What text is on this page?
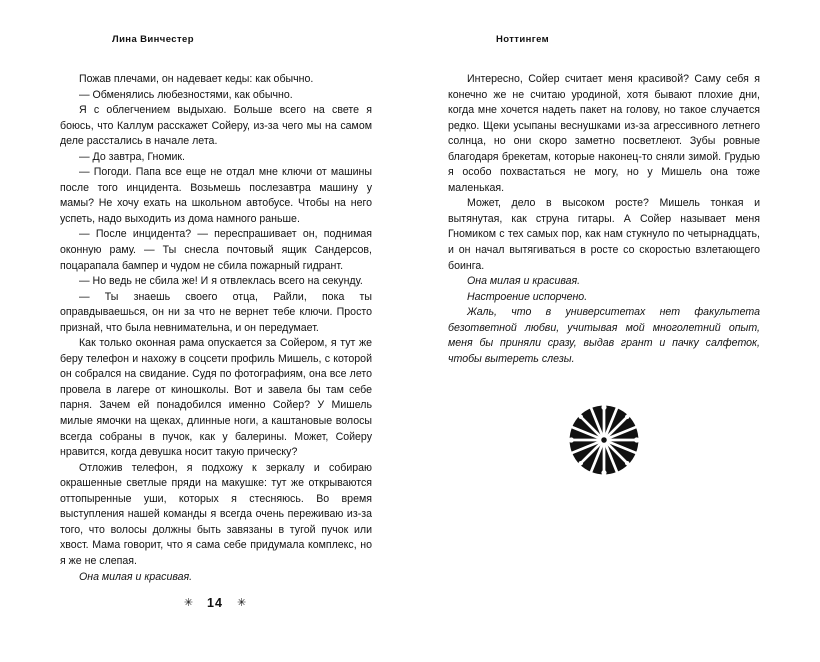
Лина Винчестер

Пожав плечами, он надевает кеды: как обычно.

— Обменялись любезностями, как обычно.

Я с облегчением выдыхаю. Больше всего на свете я боюсь, что Каллум расскажет Сойеру, из-за чего мы на самом деле расстались в начале лета.

— До завтра, Гномик.

— Погоди. Папа все еще не отдал мне ключи от машины после того инцидента. Возьмешь послезавтра машину у мамы? Не хочу ехать на школьном автобусе. Чтобы на него успеть, надо выходить из дома намного раньше.

— После инцидента? — переспрашивает он, поднимая оконную раму. — Ты снесла почтовый ящик Сандерсов, поцарапала бампер и чудом не сбила пожарный гидрант.

— Но ведь не сбила же! И я отвлеклась всего на секунду.

— Ты знаешь своего отца, Райли, пока ты оправдываешься, он ни за что не вернет тебе ключи. Просто признай, что была невнимательна, и он передумает.

Как только оконная рама опускается за Сойером, я тут же беру телефон и нахожу в соцсети профиль Мишель, с которой он собрался на свидание. Судя по фотографиям, она все лето провела в лагере от киношколы. Вот и завела бы там себе парня. Зачем ей понадобился именно Сойер? У Мишель милые ямочки на щеках, длинные ноги, а каштановые волосы всегда собраны в пучок, как у балерины. Может, Сойеру нравится, когда девушка носит такую прическу?

Отложив телефон, я подхожу к зеркалу и собираю окрашенные светлые пряди на макушке: тут же открываются оттопыренные уши, которых я стесняюсь. Во время выступления нашей команды я всегда очень переживаю из-за того, что волосы должны быть завязаны в тугой пучок или хвост. Мама говорит, что я сама себе придумала комплекс, но я же не слепая.

Она милая и красивая.

✳ 14 ✳
Ноттингем

Интересно, Сойер считает меня красивой? Саму себя я конечно же не считаю уродиной, хотя бывают плохие дни, когда мне хочется надеть пакет на голову, но такое случается редко. Щеки усыпаны веснушками из-за агрессивного летнего солнца, но они скоро заметно посветлеют. Зубы ровные благодаря брекетам, которые наконец-то сняли зимой. Грудью я особо похвастаться не могу, но у Мишель она тоже маленькая.

Может, дело в высоком росте? Мишель тонкая и вытянутая, как струна гитары. А Сойер называет меня Гномиком с тех самых пор, как нам стукнуло по четырнадцать, и он начал вытягиваться в росте со скоростью взлетающего боинга.

Она милая и красивая.

Настроение испорчено.

Жаль, что в университетах нет факультета безответной любви, учитывая мой многолетний опыт, меня бы приняли сразу, выдав грант и пачку салфеток, чтобы вытереть слезы.
